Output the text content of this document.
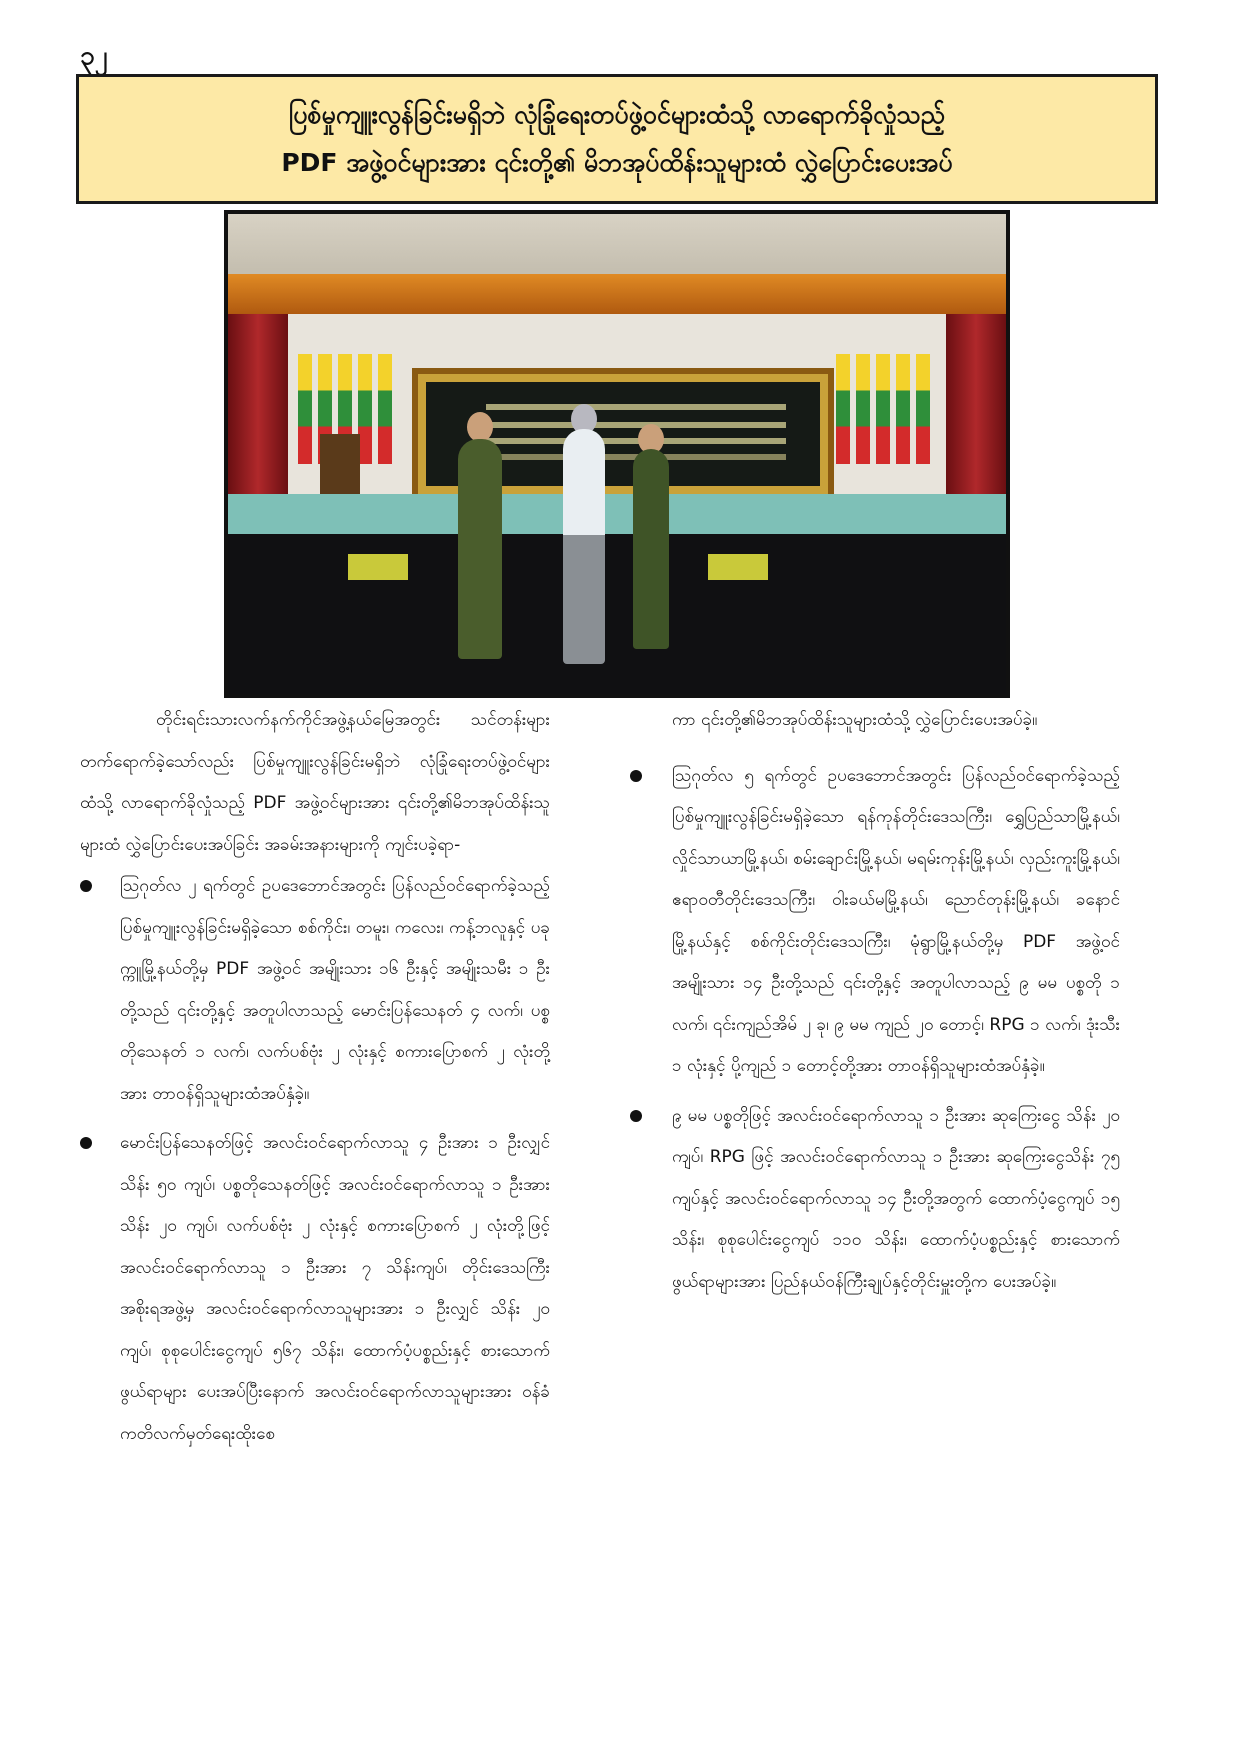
၃၂
ပြစ်မှုကျူးလွန်ခြင်းမရှိဘဲ လုံခြုံရေးတပ်ဖွဲ့ဝင်များထံသို့ လာရောက်ခိုလှုံသည့်
PDF အဖွဲ့ဝင်များအား ၎င်းတို့၏ မိဘအုပ်ထိန်းသူများထံ လွှဲပြောင်းပေးအပ်

တိုင်းရင်းသားလက်နက်ကိုင်အဖွဲ့နယ်မြေအတွင်း သင်တန်းများတက်ရောက်ခဲ့သော်လည်း ပြစ်မှုကျူးလွန်ခြင်းမရှိဘဲ လုံခြုံရေးတပ်ဖွဲ့ဝင်များထံသို့ လာရောက်ခိုလှုံသည့် PDF အဖွဲ့ဝင်များအား ၎င်းတို့၏မိဘအုပ်ထိန်းသူများထံ လွှဲပြောင်းပေးအပ်ခြင်း အခမ်းအနားများကို ကျင်းပခဲ့ရာ-

ဩဂုတ်လ ၂ ရက်တွင် ဥပဒေဘောင်အတွင်း ပြန်လည်ဝင်ရောက်ခဲ့သည့် ပြစ်မှုကျူးလွန်ခြင်းမရှိခဲ့သော စစ်ကိုင်း၊ တမူး၊ ကလေး၊ ကန့်ဘလူနှင့် ပခုက္ကူမြို့နယ်တို့မှ PDF အဖွဲ့ဝင် အမျိုးသား ၁၆ ဦးနှင့် အမျိုးသမီး ၁ ဦးတို့သည် ၎င်းတို့နှင့် အတူပါလာသည့် မောင်းပြန်သေနတ် ၄ လက်၊ ပစ္စတိုသေနတ် ၁ လက်၊ လက်ပစ်ဗုံး ၂ လုံးနှင့် စကားပြောစက် ၂ လုံးတို့အား တာဝန်ရှိသူများထံအပ်နှံခဲ့။
မောင်းပြန်သေနတ်ဖြင့် အလင်းဝင်ရောက်လာသူ ၄ ဦးအား ၁ ဦးလျှင် သိန်း ၅၀ ကျပ်၊ ပစ္စတိုသေနတ်ဖြင့် အလင်းဝင်ရောက်လာသူ ၁ ဦးအား သိန်း ၂၀ ကျပ်၊ လက်ပစ်ဗုံး ၂ လုံးနှင့် စကားပြောစက် ၂ လုံးတို့ဖြင့် အလင်းဝင်ရောက်လာသူ ၁ ဦးအား ၇ သိန်းကျပ်၊ တိုင်းဒေသကြီးအစိုးရအဖွဲ့မှ အလင်းဝင်ရောက်လာသူများအား ၁ ဦးလျှင် သိန်း ၂၀ ကျပ်၊ စုစုပေါင်းငွေကျပ် ၅၆၇ သိန်း၊ ထောက်ပံ့ပစ္စည်းနှင့် စားသောက်ဖွယ်ရာများ ပေးအပ်ပြီးနောက် အလင်းဝင်ရောက်လာသူများအား ဝန်ခံကတိလက်မှတ်ရေးထိုးစေ

ကာ ၎င်းတို့၏မိဘအုပ်ထိန်းသူများထံသို့ လွှဲပြောင်းပေးအပ်ခဲ့။

ဩဂုတ်လ ၅ ရက်တွင် ဥပဒေဘောင်အတွင်း ပြန်လည်ဝင်ရောက်ခဲ့သည့် ပြစ်မှုကျူးလွန်ခြင်းမရှိခဲ့သော ရန်ကုန်တိုင်းဒေသကြီး၊ ရွှေပြည်သာမြို့နယ်၊ လှိုင်သာယာမြို့နယ်၊ စမ်းချောင်းမြို့နယ်၊ မရမ်းကုန်းမြို့နယ်၊ လှည်းကူးမြို့နယ်၊ ဧရာဝတီတိုင်းဒေသကြီး၊ ဝါးခယ်မမြို့နယ်၊ ညောင်တုန်းမြို့နယ်၊ ခနောင်မြို့နယ်နှင့် စစ်ကိုင်းတိုင်းဒေသကြီး၊ မုံရွာမြို့နယ်တို့မှ PDF အဖွဲ့ဝင်အမျိုးသား ၁၄ ဦးတို့သည် ၎င်းတို့နှင့် အတူပါလာသည့် ၉ မမ ပစ္စတို ၁ လက်၊ ၎င်းကျည်အိမ် ၂ ခု၊ ၉ မမ ကျည် ၂၀ တောင့်၊ RPG ၁ လက်၊ ဒုံးသီး ၁ လုံးနှင့် ပို့ကျည် ၁ တောင့်တို့အား တာဝန်ရှိသူများထံအပ်နှံခဲ့။
၉ မမ ပစ္စတိုဖြင့် အလင်းဝင်ရောက်လာသူ ၁ ဦးအား ဆုကြေးငွေ သိန်း ၂၀ ကျပ်၊ RPG ဖြင့် အလင်းဝင်ရောက်လာသူ ၁ ဦးအား ဆုကြေးငွေသိန်း ၇၅ ကျပ်နှင့် အလင်းဝင်ရောက်လာသူ ၁၄ ဦးတို့အတွက် ထောက်ပံ့ငွေကျပ် ၁၅ သိန်း၊ စုစုပေါင်းငွေကျပ် ၁၁၀ သိန်း၊ ထောက်ပံ့ပစ္စည်းနှင့် စားသောက်ဖွယ်ရာများအား ပြည်နယ်ဝန်ကြီးချုပ်နှင့်တိုင်းမှူးတို့က ပေးအပ်ခဲ့။
